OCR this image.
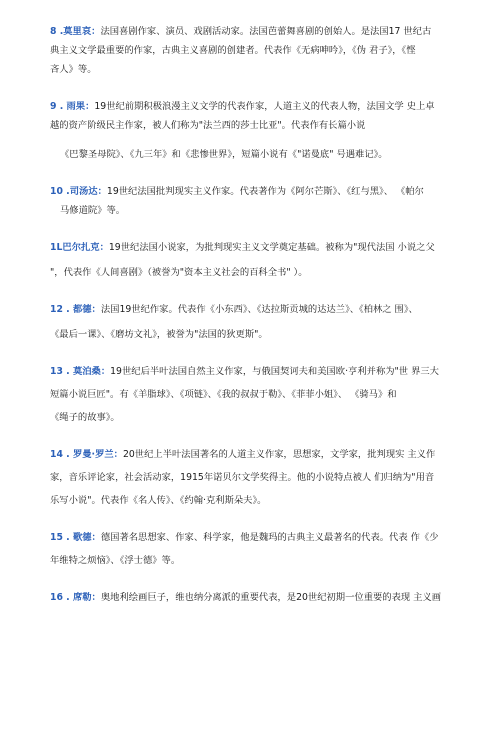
8 .莫里哀：法国喜剧作家、演员、戏剧活动家。法国芭蕾舞喜剧的创始人。是法国17 世纪古
典主义文学最重要的作家，古典主义喜剧的创建者。代表作《无病呻吟》，《伪 君子》，《悭
吝人》等。
9 . 雨果：19世纪前期积极浪漫主义文学的代表作家，人道主义的代表人物，法国文学 史上卓
越的资产阶级民主作家，被人们称为"法兰西的莎士比亚"。代表作有长篇小说
《巴黎圣母院》、《九三年》和《悲惨世界》，短篇小说有《"诺曼底" 号遇难记》。
10 .司汤达：19世纪法国批判现实主义作家。代表著作为《阿尔芒斯》、《红与黑》、 《帕尔
马修道院》等。
1L巴尔扎克：19世纪法国小说家，为批判现实主义文学奠定基础。被称为"现代法国 小说之父
"，代表作《人间喜剧》（被誉为"资本主义社会的百科全书" ）。
12 . 都德：法国19世纪作家。代表作《小东西》、《达拉斯贡城的达达兰》、《柏林之 围》、
《最后一课》、《磨坊文礼》，被誉为"法国的狄更斯"。
13 . 莫泊桑：19世纪后半叶法国自然主义作家，与俄国契诃夫和美国欧·亨利并称为"世 界三大
短篇小说巨匠"。有《羊脂球》、《项链》、《我的叔叔于勒》、《菲菲小姐》、 《骑马》和
《绳子的故事》。
14 . 罗曼·罗兰：20世纪上半叶法国著名的人道主义作家，思想家，文学家，批判现实 主义作
家，音乐评论家，社会活动家，1915年诺贝尔文学奖得主。他的小说特点被人 们归纳为"用音
乐写小说"。代表作《名人传》、《约翰·克利斯朵夫》。
15 . 歌德：德国著名思想家、作家、科学家，他是魏玛的古典主义最著名的代表。代表 作《少
年维特之烦恼》、《浮士德》等。
16 . 席勒：奥地利绘画巨子，维也纳分离派的重要代表，是20世纪初期一位重要的表现 主义画
